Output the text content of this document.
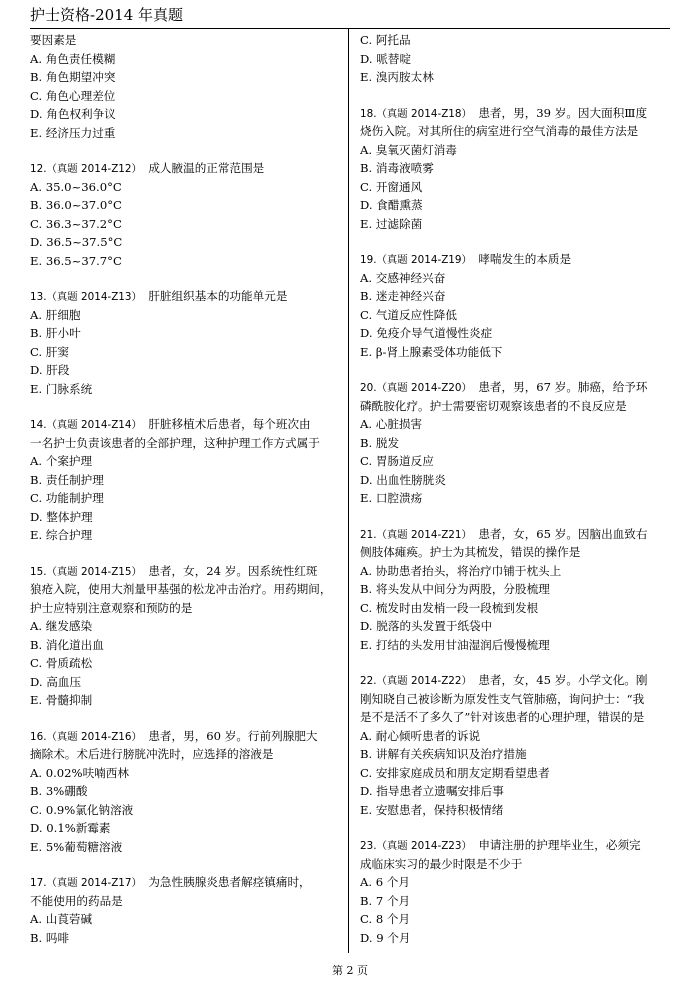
护士资格-2014 年真题
要因素是
A. 角色责任模糊
B. 角色期望冲突
C. 角色心理差位
D. 角色权利争议
E. 经济压力过重
12.（真题 2014-Z12）　成人腋温的正常范围是
A. 35.0~36.0°C
B. 36.0~37.0°C
C. 36.3~37.2°C
D. 36.5~37.5°C
E. 36.5~37.7°C
13.（真题 2014-Z13）　肝脏组织基本的功能单元是
A. 肝细胞
B. 肝小叶
C. 肝窦
D. 肝段
E. 门脉系统
14.（真题 2014-Z14）　肝脏移植术后患者，每个班次由
一名护士负责该患者的全部护理，这种护理工作方式属于
A. 个案护理
B. 责任制护理
C. 功能制护理
D. 整体护理
E. 综合护理
15.（真题 2014-Z15）　患者，女，24 岁。因系统性红斑
狼疮入院，使用大剂量甲基强的松龙冲击治疗。用药期间，
护士应特别注意观察和预防的是
A. 继发感染
B. 消化道出血
C. 骨质疏松
D. 高血压
E. 骨髓抑制
16.（真题 2014-Z16）　患者，男，60 岁。行前列腺肥大
摘除术。术后进行膀胱冲洗时，应选择的溶液是
A. 0.02%呋喃西林
B. 3%硼酸
C. 0.9%氯化钠溶液
D. 0.1%新霉素
E. 5%葡萄糖溶液
17.（真题 2014-Z17）　为急性胰腺炎患者解痉镇痛时，
不能使用的药品是
A. 山莨菪碱
B. 吗啡
C. 阿托品
D. 哌替啶
E. 溴丙胺太林
18.（真题 2014-Z18）　患者，男，39 岁。因大面积Ⅲ度
烧伤入院。对其所住的病室进行空气消毒的最佳方法是
A. 臭氧灭菌灯消毒
B. 消毒液喷雾
C. 开窗通风
D. 食醋熏蒸
E. 过滤除菌
19.（真题 2014-Z19）　哮喘发生的本质是
A. 交感神经兴奋
B. 迷走神经兴奋
C. 气道反应性降低
D. 免疫介导气道慢性炎症
E. β-肾上腺素受体功能低下
20.（真题 2014-Z20）　患者，男，67 岁。肺癌，给予环
磷酰胺化疗。护士需要密切观察该患者的不良反应是
A. 心脏损害
B. 脱发
C. 胃肠道反应
D. 出血性膀胱炎
E. 口腔溃疡
21.（真题 2014-Z21）　患者，女，65 岁。因脑出血致右
侧肢体瘫痪。护士为其梳发，错误的操作是
A. 协助患者抬头，将治疗巾铺于枕头上
B. 将头发从中间分为两股，分股梳理
C. 梳发时由发梢一段一段梳到发根
D. 脱落的头发置于纸袋中
E. 打结的头发用甘油湿润后慢慢梳理
22.（真题 2014-Z22）　患者，女，45 岁。小学文化。刚
刚知晓自己被诊断为原发性支气管肺癌，询问护士：“我
是不是活不了多久了”针对该患者的心理护理，错误的是
A. 耐心倾听患者的诉说
B. 讲解有关疾病知识及治疗措施
C. 安排家庭成员和朋友定期看望患者
D. 指导患者立遗嘱安排后事
E. 安慰患者，保持积极情绪
23.（真题 2014-Z23）　申请注册的护理毕业生，必须完
成临床实习的最少时限是不少于
A. 6 个月
B. 7 个月
C. 8 个月
D. 9 个月
第 2 页
